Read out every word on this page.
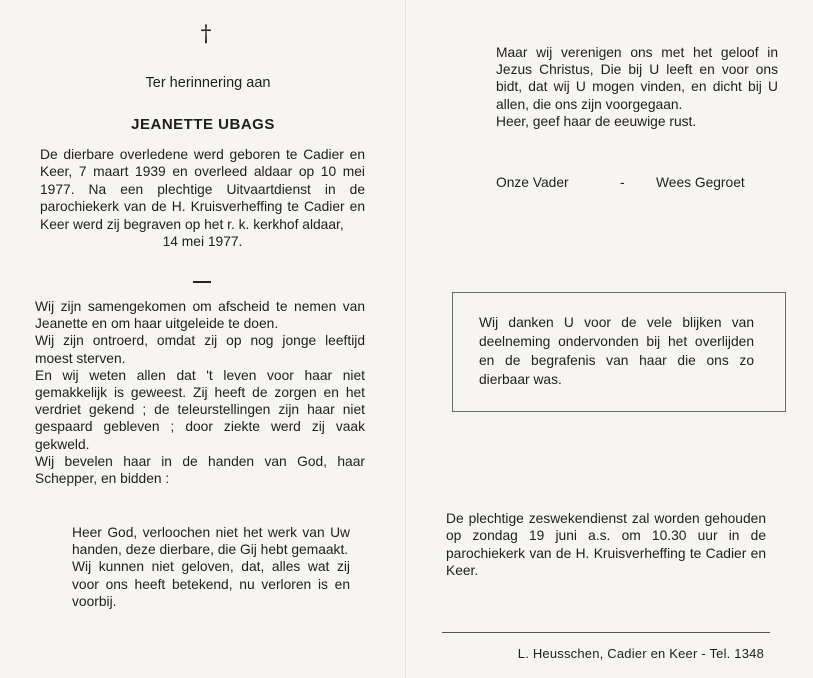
†
Ter herinnering aan
JEANETTE UBAGS
De dierbare overledene werd geboren te Cadier en Keer, 7 maart 1939 en overleed aldaar op 10 mei 1977. Na een plechtige Uitvaartdienst in de parochiekerk van de H. Kruisverheffing te Cadier en Keer werd zij begraven op het r. k. kerkhof aldaar,
14 mei 1977.

Wij zijn samengekomen om afscheid te nemen van Jeanette en om haar uitgeleide te doen.

Wij zijn ontroerd, omdat zij op nog jonge leeftijd moest sterven.

En wij weten allen dat 't leven voor haar niet gemakkelijk is geweest. Zij heeft de zorgen en het verdriet gekend ; de teleurstellingen zijn haar niet gespaard gebleven ; door ziekte werd zij vaak gekweld.

Wij bevelen haar in de handen van God, haar Schepper, en bidden :

Heer God, verloochen niet het werk van Uw handen, deze dierbare, die Gij hebt gemaakt.

Wij kunnen niet geloven, dat, alles wat zij voor ons heeft betekend, nu verloren is en voorbij.

Maar wij verenigen ons met het geloof in Jezus Christus, Die bij U leeft en voor ons bidt, dat wij U mogen vinden, en dicht bij U allen, die ons zijn voorgegaan.

Heer, geef haar de eeuwige rust.

Onze Vader	- Wees Gegroet
Wij danken U voor de vele blijken van deelneming ondervonden bij het overlijden en de begrafenis van haar die ons zo dierbaar was.
De plechtige zeswekendienst zal worden gehouden op zondag 19 juni a.s. om 10.30 uur in de parochiekerk van de H. Kruisverheffing te Cadier en Keer.
L. Heusschen, Cadier en Keer - Tel. 1348
